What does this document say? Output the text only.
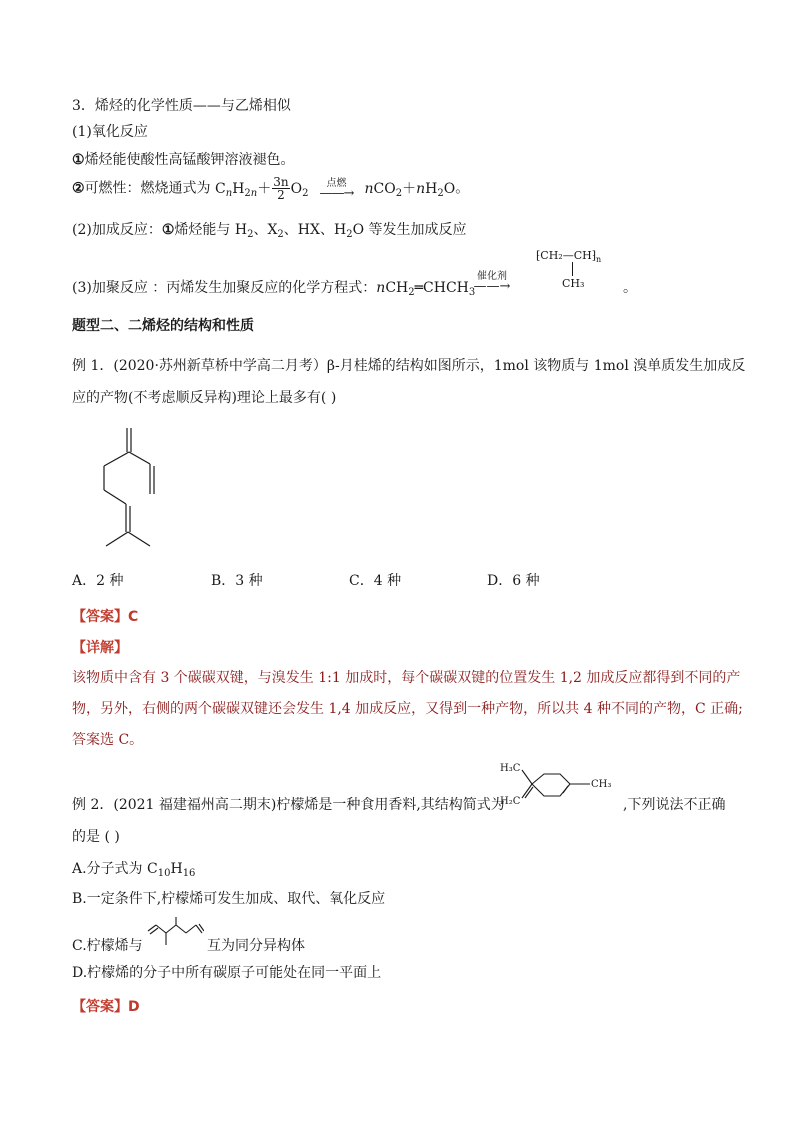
3．烯烃的化学性质——与乙烯相似
(1)氧化反应
①烯烃能使酸性高锰酸钾溶液褪色。
②可燃性：燃烧通式为 $C_nH_{2n}+ \frac{3n}{2} O_2$
点燃
——→ $nCO_2+nH_2O$。
(2)加成反应：①烯烃能与 $H_2$、$X_2$、HX、$H_2O$ 等发生加成反应
(3)加聚反应 ：丙烯发生加聚反应的化学方程式：$nCH_2═CHCH_3$
催化剂
——→
$⁅CH_2—CH⁆_n$
CH₃	。
题型二、二烯烃的结构和性质
例 1．(2020·苏州新草桥中学高二月考）β-月桂烯的结构如图所示，1mol 该物质与 1mol 溴单质发生加成反
应的产物(不考虑顺反异构)理论上最多有( )
A．2 种	B．3 种	C．4 种	D．6 种
【答案】C
【详解】
该物质中含有 3 个碳碳双键，与溴发生 1:1 加成时，每个碳碳双键的位置发生 1,2 加成反应都得到不同的产
物，另外，右侧的两个碳碳双键还会发生 1,4 加成反应，又得到一种产物，所以共 4 种不同的产物，C 正确;
答案选 C。
例 2．(2021 福建福州高二期末)柠檬烯是一种食用香料,其结构简式为
H₃C
H₂C
CH₃
,下列说法不正确
的是 ( )
A.分子式为 $C_{10}H_{16}$
B.一定条件下,柠檬烯可发生加成、取代、氧化反应
C.柠檬烯与	互为同分异构体
D.柠檬烯的分子中所有碳原子可能处在同一平面上
【答案】D
